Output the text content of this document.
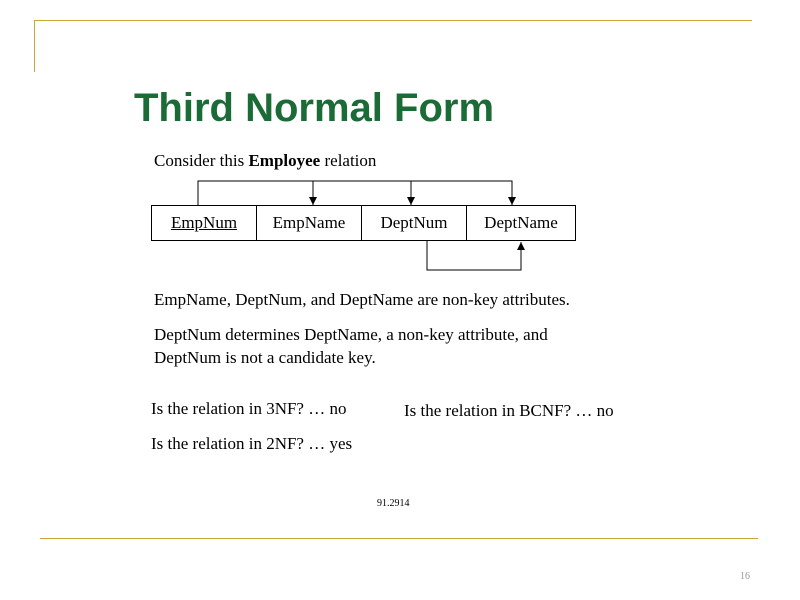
Third Normal Form
Consider this Employee relation
EmpNum	EmpName	DeptNum	DeptName
EmpName, DeptNum, and DeptName are non-key attributes.
DeptNum determines DeptName, a non-key attribute, and
DeptNum is not a candidate key.
Is the relation in 3NF? … no	Is the relation in BCNF? … no
Is the relation in 2NF? … yes
91.2914
16
